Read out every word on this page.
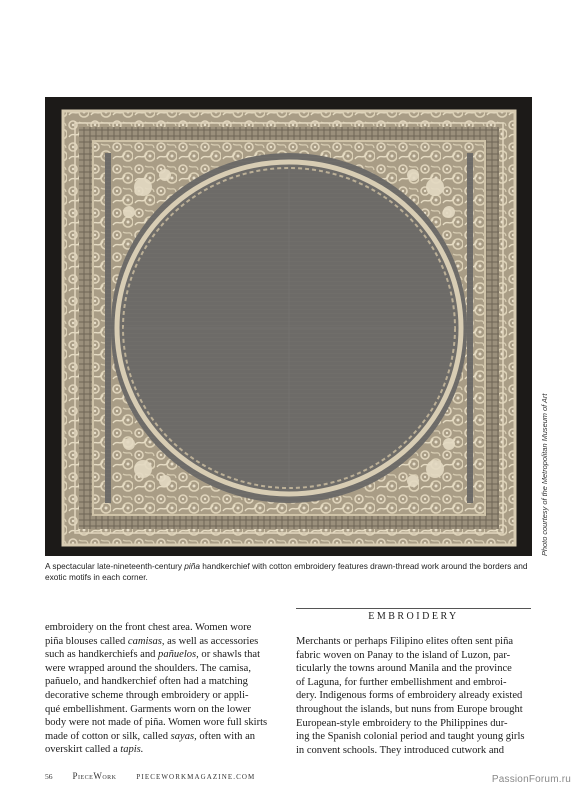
Photo courtesy of the Metropolitan Museum of Art
A spectacular late-nineteenth-century piña handkerchief with cotton embroidery features drawn-thread work around the borders and exotic motifs in each corner.

embroidery on the front chest area. Women wore

piña blouses called camisas, as well as accessories

such as handkerchiefs and pañuelos, or shawls that

were wrapped around the shoulders. The camisa,

pañuelo, and handkerchief often had a matching

decorative scheme through embroidery or appli-

qué embellishment. Garments worn on the lower

body were not made of piña. Women wore full skirts

made of cotton or silk, called sayas, often with an

overskirt called a tapis.

EMBROIDERY

Merchants or perhaps Filipino elites often sent piña

fabric woven on Panay to the island of Luzon, par-

ticularly the towns around Manila and the province

of Laguna, for further embellishment and embroi-

dery. Indigenous forms of embroidery already existed

throughout the islands, but nuns from Europe brought

European-style embroidery to the Philippines dur-

ing the Spanish colonial period and taught young girls

in convent schools. They introduced cutwork and

56 PieceWork	PIECEWORKMAGAZINE.COM	PassionForum.ru
